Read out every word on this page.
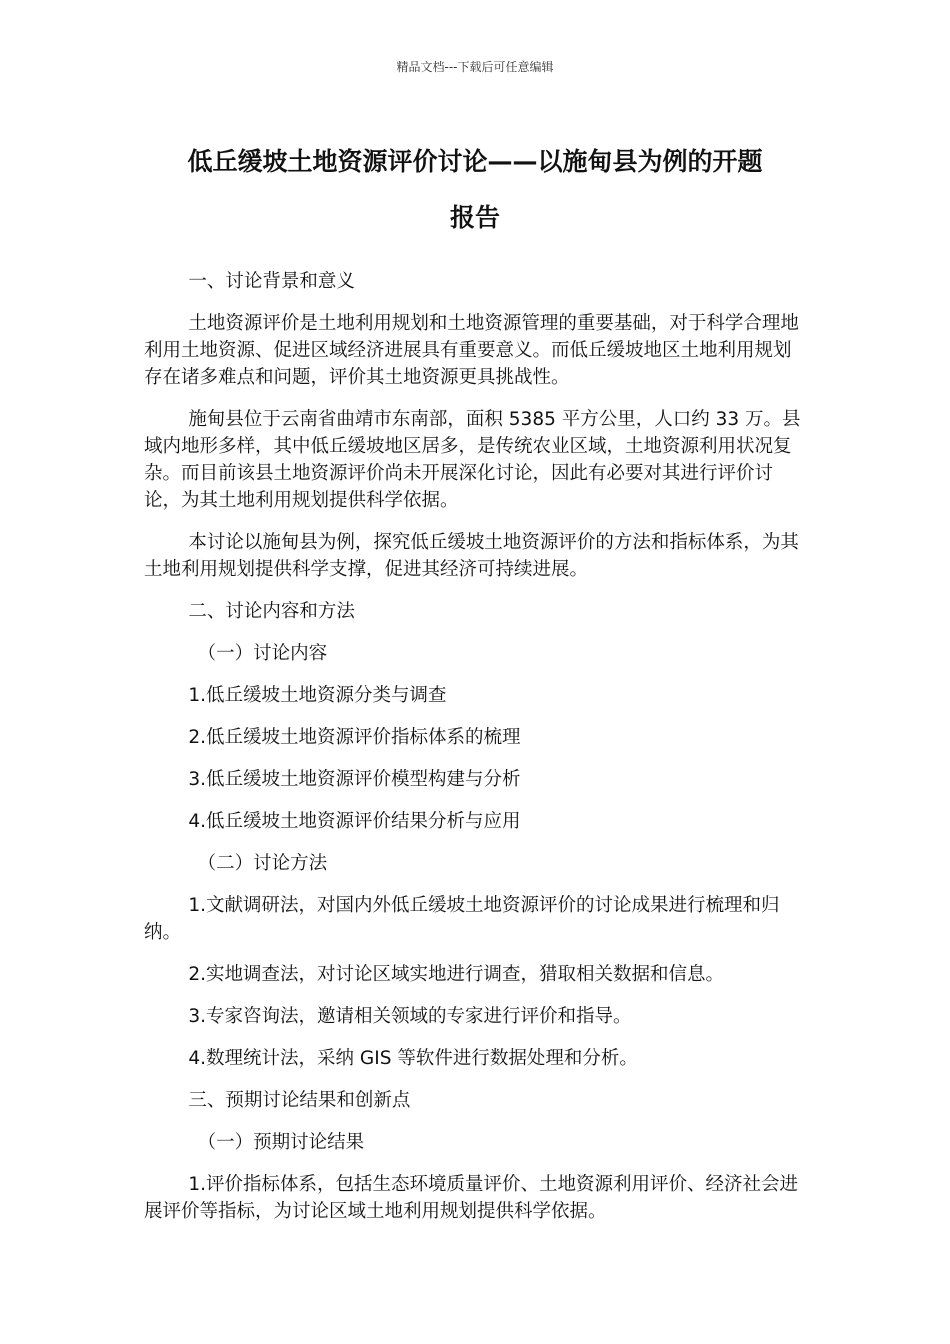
精品文档---下载后可任意编辑
低丘缓坡土地资源评价讨论——以施甸县为例的开题
报告

一、讨论背景和意义

土地资源评价是土地利用规划和土地资源管理的重要基础，对于科学合理地利用土地资源、促进区域经济进展具有重要意义。而低丘缓坡地区土地利用规划存在诸多难点和问题，评价其土地资源更具挑战性。

施甸县位于云南省曲靖市东南部，面积 5385 平方公里，人口约 33 万。县域内地形多样，其中低丘缓坡地区居多，是传统农业区域，土地资源利用状况复杂。而目前该县土地资源评价尚未开展深化讨论，因此有必要对其进行评价讨论，为其土地利用规划提供科学依据。

本讨论以施甸县为例，探究低丘缓坡土地资源评价的方法和指标体系，为其土地利用规划提供科学支撑，促进其经济可持续进展。

二、讨论内容和方法

（一）讨论内容

1.低丘缓坡土地资源分类与调查

2.低丘缓坡土地资源评价指标体系的梳理

3.低丘缓坡土地资源评价模型构建与分析

4.低丘缓坡土地资源评价结果分析与应用

（二）讨论方法

1.文献调研法，对国内外低丘缓坡土地资源评价的讨论成果进行梳理和归纳。

2.实地调查法，对讨论区域实地进行调查，猎取相关数据和信息。

3.专家咨询法，邀请相关领域的专家进行评价和指导。

4.数理统计法，采纳 GIS 等软件进行数据处理和分析。

三、预期讨论结果和创新点

（一）预期讨论结果

1.评价指标体系，包括生态环境质量评价、土地资源利用评价、经济社会进展评价等指标，为讨论区域土地利用规划提供科学依据。
